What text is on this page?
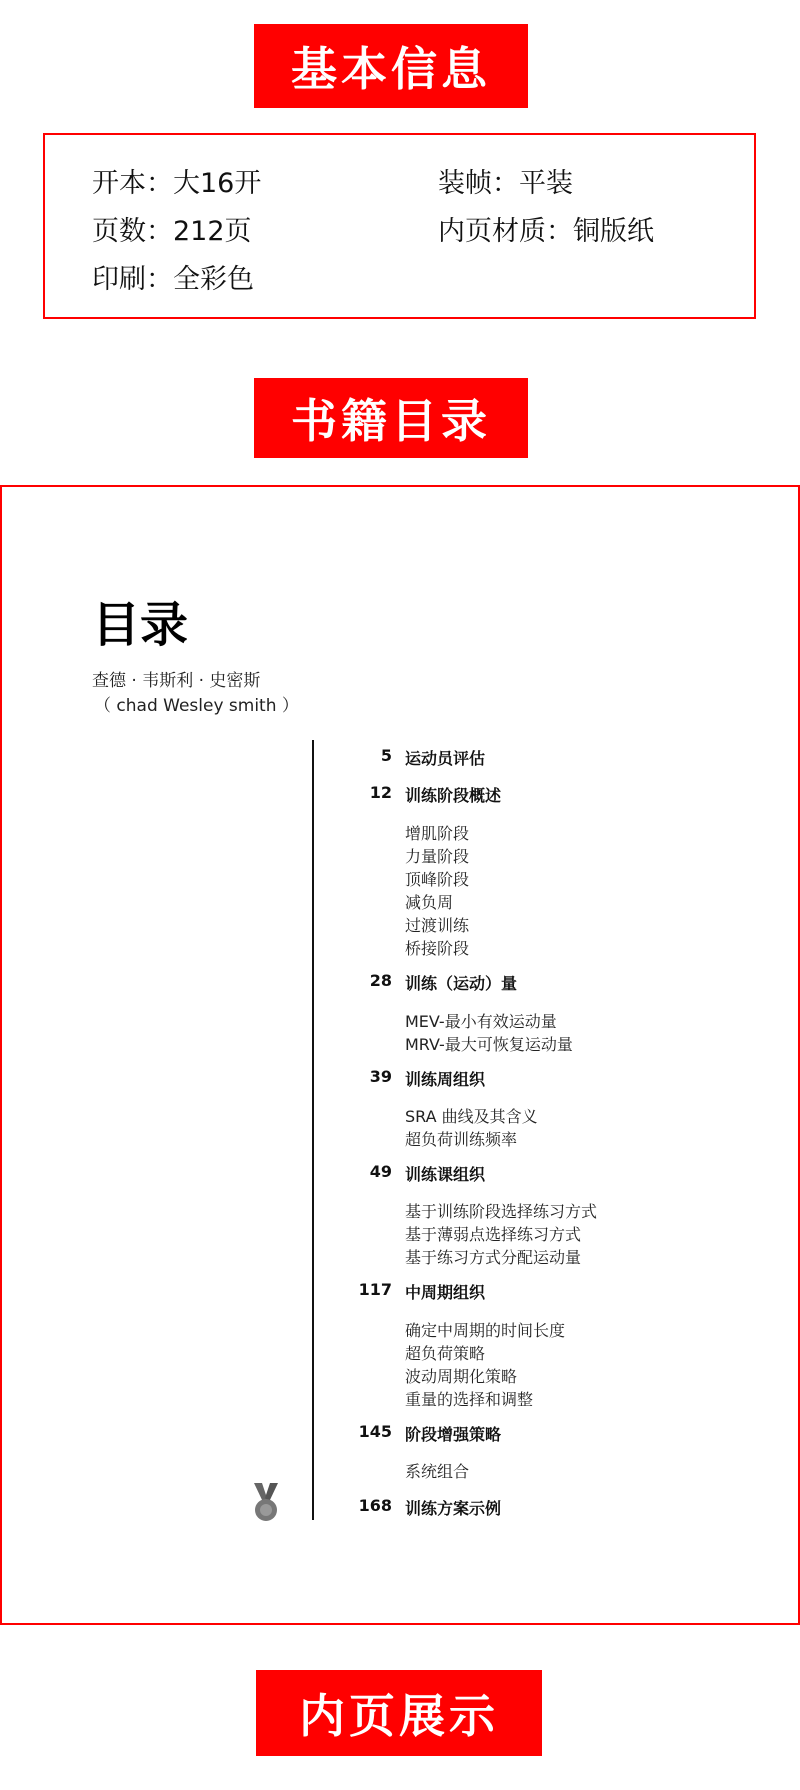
基本信息
开本 ： 大16开	装帧 ： 平装
页数 ： 212页	内页材质 ： 铜版纸
印刷 ： 全彩色
书籍目录
目录
查德 · 韦斯利 · 史密斯
（ chad Wesley smith ）
5 运动员评估
12 训练阶段概述
增肌阶段
力量阶段
顶峰阶段
减负周
过渡训练
桥接阶段
28 训练（运动）量
MEV-最小有效运动量
MRV-最大可恢复运动量
39 训练周组织
SRA 曲线及其含义
超负荷训练频率
49 训练课组织
基于训练阶段选择练习方式
基于薄弱点选择练习方式
基于练习方式分配运动量
117 中周期组织
确定中周期的时间长度
超负荷策略
波动周期化策略
重量的选择和调整
145 阶段增强策略
系统组合
168 训练方案示例
内页展示
